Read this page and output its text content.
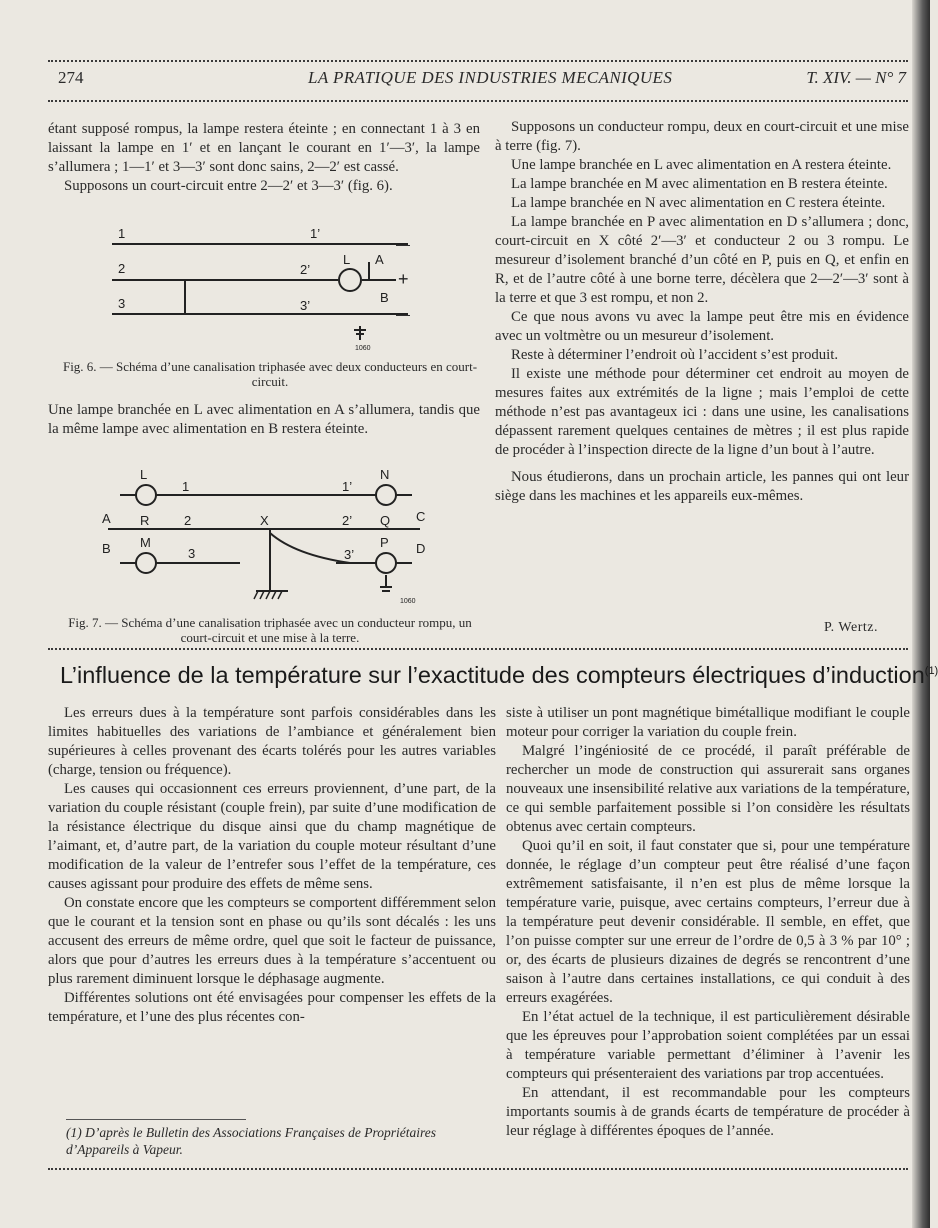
274	LA PRATIQUE DES INDUSTRIES MECANIQUES	T. XIV. — N° 7

étant supposé rompus, la lampe restera éteinte ; en connectant 1 à 3 en laissant la lampe en 1′ et en lançant le courant en 1′—3′, la lampe s’allumera ; 1—1′ et 3—3′ sont donc sains, 2—2′ est cassé.

Supposons un court-circuit entre 2—2′ et 3—3′ (fig. 6).

1	1’
2	2’
3	3’
L A
B
—
+
—
1060
Fig. 6. — Schéma d’une canalisation triphasée avec deux conducteurs en court-circuit.
Une lampe branchée en L avec alimentation en A s’allumera, tandis que la même lampe avec alimentation en B restera éteinte.
L	N
1	1’
A R	2	X	2’ Q C
B M
3	3’
P D
1060
Fig. 7. — Schéma d’une canalisation triphasée avec un conducteur rompu, un court-circuit et une mise à la terre.

Supposons un conducteur rompu, deux en court-circuit et une mise à terre (fig. 7).

Une lampe branchée en L avec alimentation en A restera éteinte.

La lampe branchée en M avec alimentation en B restera éteinte.

La lampe branchée en N avec alimentation en C restera éteinte.

La lampe branchée en P avec alimentation en D s’allumera ; donc, court-circuit en X côté 2′—3′ et conducteur 2 ou 3 rompu. Le mesureur d’isolement branché d’un côté en P, puis en Q, et enfin en R, et de l’autre côté à une borne terre, décèlera que 2—2′—3′ sont à la terre et que 3 est rompu, et non 2.

Ce que nous avons vu avec la lampe peut être mis en évidence avec un voltmètre ou un mesureur d’isolement.

Reste à déterminer l’endroit où l’accident s’est produit.

Il existe une méthode pour déterminer cet endroit au moyen de mesures faites aux extrémités de la ligne ; mais l’emploi de cette méthode n’est pas avantageux ici : dans une usine, les canalisations dépassent rarement quelques centaines de mètres ; il est plus rapide de procéder à l’inspection directe de la ligne d’un bout à l’autre.

Nous étudierons, dans un prochain article, les pannes qui ont leur siège dans les machines et les appareils eux-mêmes.

P. Wertz.
L’influence de la température sur l’exactitude des compteurs électriques d’induction$^{(1)}$

Les erreurs dues à la température sont parfois considérables dans les limites habituelles des variations de l’ambiance et généralement bien supérieures à celles provenant des écarts tolérés pour les autres variables (charge, tension ou fréquence).

Les causes qui occasionnent ces erreurs proviennent, d’une part, de la variation du couple résistant (couple frein), par suite d’une modification de la résistance électrique du disque ainsi que du champ magnétique de l’aimant, et, d’autre part, de la variation du couple moteur résultant d’une modification de la valeur de l’entrefer sous l’effet de la température, ces causes agissant pour produire des effets de même sens.

On constate encore que les compteurs se comportent différemment selon que le courant et la tension sont en phase ou qu’ils sont décalés : les uns accusent des erreurs de même ordre, quel que soit le facteur de puissance, alors que pour d’autres les erreurs dues à la température s’accentuent ou plus rarement diminuent lorsque le déphasage augmente.

Différentes solutions ont été envisagées pour compenser les effets de la température, et l’une des plus récentes con-

(1) D’après le Bulletin des Associations Françaises de Propriétaires d’Appareils à Vapeur.

siste à utiliser un pont magnétique bimétallique modifiant le couple moteur pour corriger la variation du couple frein.

Malgré l’ingéniosité de ce procédé, il paraît préférable de rechercher un mode de construction qui assurerait sans organes nouveaux une insensibilité relative aux variations de la température, ce qui semble parfaitement possible si l’on considère les résultats obtenus avec certain compteurs.

Quoi qu’il en soit, il faut constater que si, pour une température donnée, le réglage d’un compteur peut être réalisé d’une façon extrêmement satisfaisante, il n’en est plus de même lorsque la température varie, puisque, avec certains compteurs, l’erreur due à la température peut devenir considérable. Il semble, en effet, que l’on puisse compter sur une erreur de l’ordre de 0,5 à 3 % par 10° ; or, des écarts de plusieurs dizaines de degrés se rencontrent d’une saison à l’autre dans certaines installations, ce qui conduit à des erreurs exagérées.

En l’état actuel de la technique, il est particulièrement désirable que les épreuves pour l’approbation soient complétées par un essai à température variable permettant d’éliminer à l’avenir les compteurs qui présenteraient des variations par trop accentuées.

En attendant, il est recommandable pour les compteurs importants soumis à de grands écarts de température de procéder à leur réglage à différentes époques de l’année.
